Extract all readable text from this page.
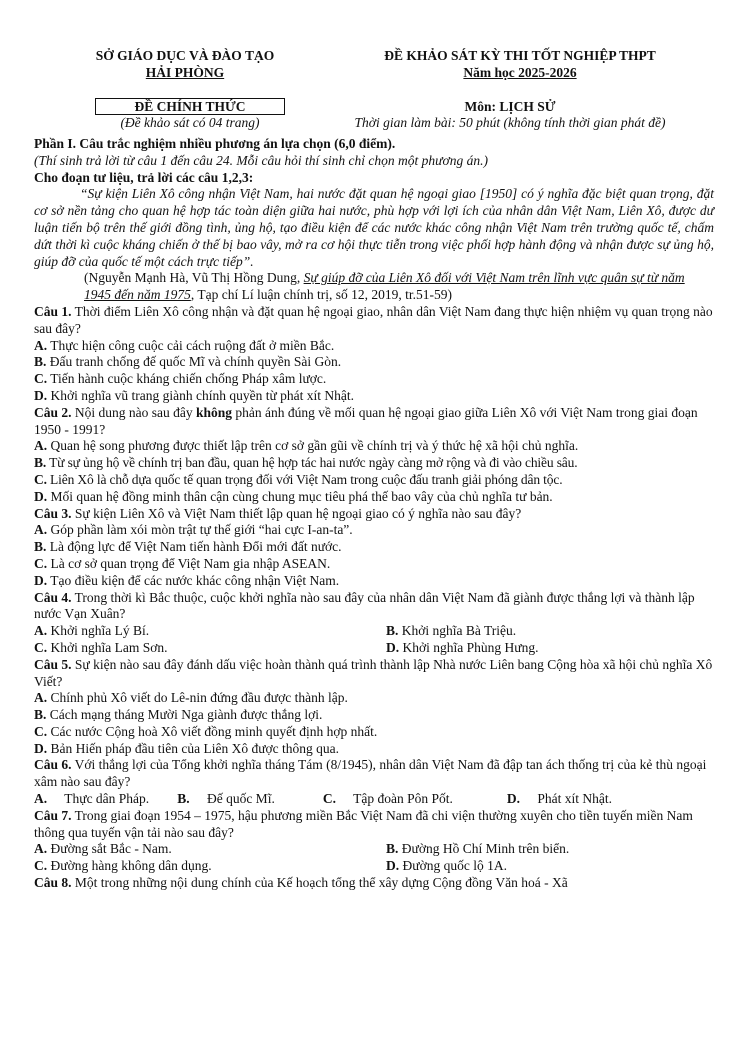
SỞ GIÁO DỤC VÀ ĐÀO TẠO
HẢI PHÒNG
ĐỀ KHẢO SÁT KỲ THI TỐT NGHIỆP THPT
Năm học 2025-2026
ĐỀ CHÍNH THỨC
(Đề khảo sát có 04 trang)
Môn: LỊCH SỬ
Thời gian làm bài: 50 phút (không tính thời gian phát đề)
Phần I. Câu trắc nghiệm nhiều phương án lựa chọn (6,0 điểm).
(Thí sinh trả lời từ câu 1 đến câu 24. Mỗi câu hỏi thí sinh chỉ chọn một phương án.)
Cho đoạn tư liệu, trả lời các câu 1,2,3:
“Sự kiện Liên Xô công nhận Việt Nam, hai nước đặt quan hệ ngoại giao [1950] có ý nghĩa đặc biệt quan trọng, đặt cơ sở nền tảng cho quan hệ hợp tác toàn diện giữa hai nước, phù hợp với lợi ích của nhân dân Việt Nam, Liên Xô, được dư luận tiến bộ trên thế giới đồng tình, ủng hộ, tạo điều kiện để các nước khác công nhận Việt Nam trên trường quốc tế, chấm dứt thời kì cuộc kháng chiến ở thế bị bao vây, mở ra cơ hội thực tiễn trong việc phối hợp hành động và nhận được sự ủng hộ, giúp đỡ của quốc tế một cách trực tiếp”.
(Nguyễn Mạnh Hà, Vũ Thị Hồng Dung, Sự giúp đỡ của Liên Xô đối với Việt Nam trên lĩnh vực quân sự từ năm 1945 đến năm 1975, Tạp chí Lí luận chính trị, số 12, 2019, tr.51-59)
Câu 1. Thời điểm Liên Xô công nhận và đặt quan hệ ngoại giao, nhân dân Việt Nam đang thực hiện nhiệm vụ quan trọng nào sau đây?
A. Thực hiện công cuộc cải cách ruộng đất ở miền Bắc.
B. Đấu tranh chống đế quốc Mĩ và chính quyền Sài Gòn.
C. Tiến hành cuộc kháng chiến chống Pháp xâm lược.
D. Khởi nghĩa vũ trang giành chính quyền từ phát xít Nhật.
Câu 2. Nội dung nào sau đây không phản ánh đúng về mối quan hệ ngoại giao giữa Liên Xô với Việt Nam trong giai đoạn 1950 - 1991?
A. Quan hệ song phương được thiết lập trên cơ sở gần gũi về chính trị và ý thức hệ xã hội chủ nghĩa.
B. Từ sự ủng hộ về chính trị ban đầu, quan hệ hợp tác hai nước ngày càng mở rộng và đi vào chiều sâu.
C. Liên Xô là chỗ dựa quốc tế quan trọng đối với Việt Nam trong cuộc đấu tranh giải phóng dân tộc.
D. Mối quan hệ đồng minh thân cận cùng chung mục tiêu phá thế bao vây của chủ nghĩa tư bản.
Câu 3. Sự kiện Liên Xô và Việt Nam thiết lập quan hệ ngoại giao có ý nghĩa nào sau đây?
A. Góp phần làm xói mòn trật tự thế giới “hai cực I-an-ta”.
B. Là động lực để Việt Nam tiến hành Đổi mới đất nước.
C. Là cơ sở quan trọng để Việt Nam gia nhập ASEAN.
D. Tạo điều kiện để các nước khác công nhận Việt Nam.
Câu 4. Trong thời kì Bắc thuộc, cuộc khởi nghĩa nào sau đây của nhân dân Việt Nam đã giành được thắng lợi và thành lập nước Vạn Xuân?
A. Khởi nghĩa Lý Bí.	B. Khởi nghĩa Bà Triệu.
C. Khởi nghĩa Lam Sơn.	D. Khởi nghĩa Phùng Hưng.
Câu 5. Sự kiện nào sau đây đánh dấu việc hoàn thành quá trình thành lập Nhà nước Liên bang Cộng hòa xã hội chủ nghĩa Xô Viết?
A. Chính phủ Xô viết do Lê-nin đứng đầu được thành lập.
B. Cách mạng tháng Mười Nga giành được thắng lợi.
C. Các nước Cộng hoà Xô viết đồng minh quyết định hợp nhất.
D. Bản Hiến pháp đầu tiên của Liên Xô được thông qua.
Câu 6. Với thắng lợi của Tổng khởi nghĩa tháng Tám (8/1945), nhân dân Việt Nam đã đập tan ách thống trị của kẻ thù ngoại xâm nào sau đây?
A. Thực dân Pháp.	B. Đế quốc Mĩ.	C. Tập đoàn Pôn Pốt.	D. Phát xít Nhật.
Câu 7. Trong giai đoạn 1954 – 1975, hậu phương miền Bắc Việt Nam đã chi viện thường xuyên cho tiền tuyến miền Nam thông qua tuyến vận tải nào sau đây?
A. Đường sắt Bắc - Nam.	B. Đường Hồ Chí Minh trên biển.
C. Đường hàng không dân dụng.	D. Đường quốc lộ 1A.
Câu 8. Một trong những nội dung chính của Kế hoạch tổng thể xây dựng Cộng đồng Văn hoá - Xã
